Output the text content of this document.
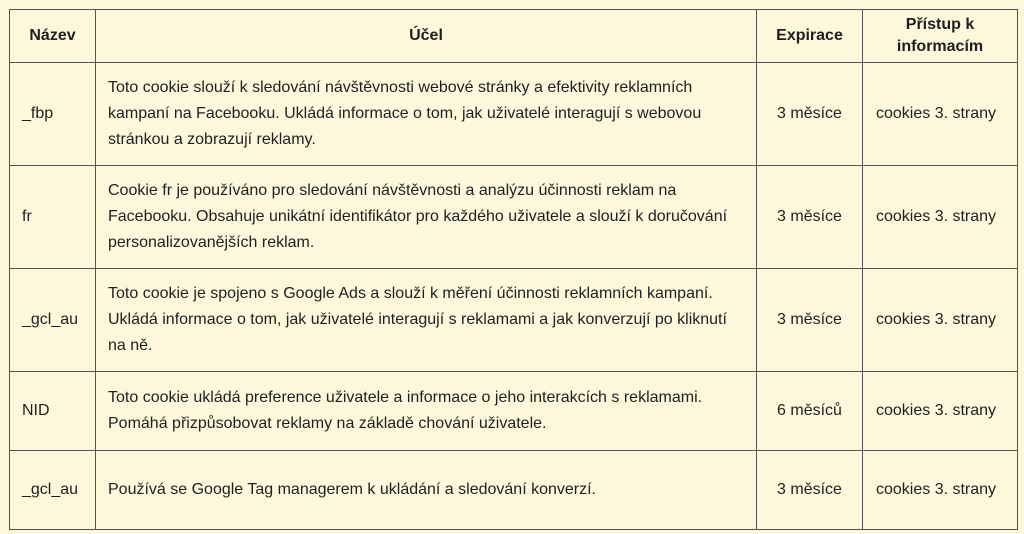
Název	Účel	Expirace	Přístup k informacím
_fbp	Toto cookie slouží k sledování návštěvnosti webové stránky a efektivity reklamních kampaní na Facebooku. Ukládá informace o tom, jak uživatelé interagují s webovou stránkou a zobrazují reklamy.	3 měsíce	cookies 3. strany
fr	Cookie fr je používáno pro sledování návštěvnosti a analýzu účinnosti reklam na Facebooku. Obsahuje unikátní identifikátor pro každého uživatele a slouží k doručování personalizovanějších reklam.	3 měsíce	cookies 3. strany
_gcl_au	Toto cookie je spojeno s Google Ads a slouží k měření účinnosti reklamních kampaní. Ukládá informace o tom, jak uživatelé interagují s reklamami a jak konverzují po kliknutí na ně.	3 měsíce	cookies 3. strany
NID	Toto cookie ukládá preference uživatele a informace o jeho interakcích s reklamami. Pomáhá přizpůsobovat reklamy na základě chování uživatele.	6 měsíců	cookies 3. strany
_gcl_au	Používá se Google Tag managerem k ukládání a sledování konverzí.	3 měsíce	cookies 3. strany
